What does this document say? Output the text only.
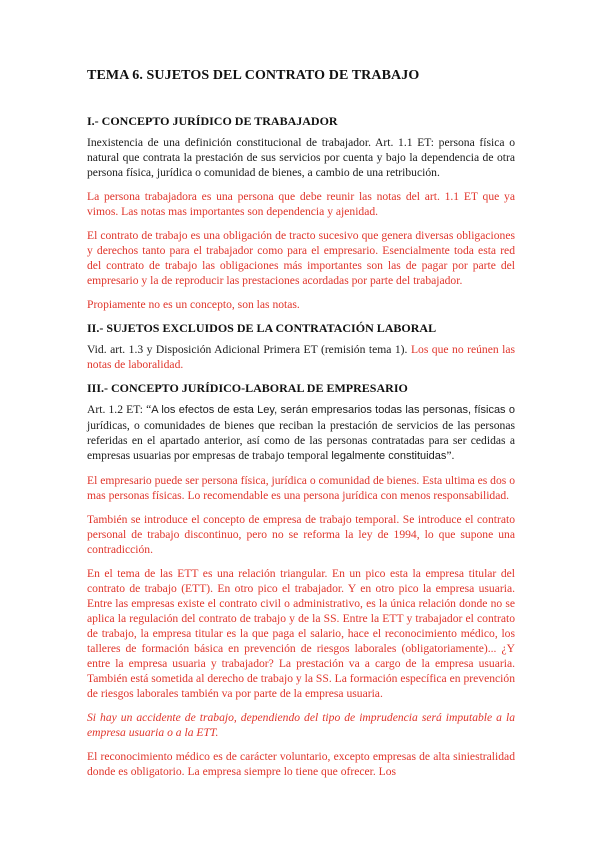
TEMA 6. SUJETOS DEL CONTRATO DE TRABAJO
I.- CONCEPTO JURÍDICO DE TRABAJADOR

Inexistencia de una definición constitucional de trabajador. Art. 1.1 ET: persona física o natural que contrata la prestación de sus servicios por cuenta y bajo la dependencia de otra persona física, jurídica o comunidad de bienes, a cambio de una retribución.

La persona trabajadora es una persona que debe reunir las notas del art. 1.1 ET que ya vimos. Las notas mas importantes son dependencia y ajenidad.

El contrato de trabajo es una obligación de tracto sucesivo que genera diversas obligaciones y derechos tanto para el trabajador como para el empresario. Esencialmente toda esta red del contrato de trabajo las obligaciones más importantes son las de pagar por parte del empresario y la de reproducir las prestaciones acordadas por parte del trabajador.

Propiamente no es un concepto, son las notas.

II.- SUJETOS EXCLUIDOS DE LA CONTRATACIÓN LABORAL

Vid. art. 1.3 y Disposición Adicional Primera ET (remisión tema 1). Los que no reúnen las notas de laboralidad.

III.- CONCEPTO JURÍDICO-LABORAL DE EMPRESARIO

Art. 1.2 ET: “A los efectos de esta Ley, serán empresarios todas las personas, físicas o jurídicas, o comunidades de bienes que reciban la prestación de servicios de las personas referidas en el apartado anterior, así como de las personas contratadas para ser cedidas a empresas usuarias por empresas de trabajo temporal legalmente constituidas”.

El empresario puede ser persona física, jurídica o comunidad de bienes. Esta ultima es dos o mas personas físicas. Lo recomendable es una persona jurídica con menos responsabilidad.

También se introduce el concepto de empresa de trabajo temporal. Se introduce el contrato personal de trabajo discontinuo, pero no se reforma la ley de 1994, lo que supone una contradicción.

En el tema de las ETT es una relación triangular. En un pico esta la empresa titular del contrato de trabajo (ETT). En otro pico el trabajador. Y en otro pico la empresa usuaria. Entre las empresas existe el contrato civil o administrativo, es la única relación donde no se aplica la regulación del contrato de trabajo y de la SS. Entre la ETT y trabajador el contrato de trabajo, la empresa titular es la que paga el salario, hace el reconocimiento médico, los talleres de formación básica en prevención de riesgos laborales (obligatoriamente)... ¿Y entre la empresa usuaria y trabajador? La prestación va a cargo de la empresa usuaria. También está sometida al derecho de trabajo y la SS. La formación específica en prevención de riesgos laborales también va por parte de la empresa usuaria.

Si hay un accidente de trabajo, dependiendo del tipo de imprudencia será imputable a la empresa usuaria o a la ETT.

El reconocimiento médico es de carácter voluntario, excepto empresas de alta siniestralidad donde es obligatorio. La empresa siempre lo tiene que ofrecer. Los
